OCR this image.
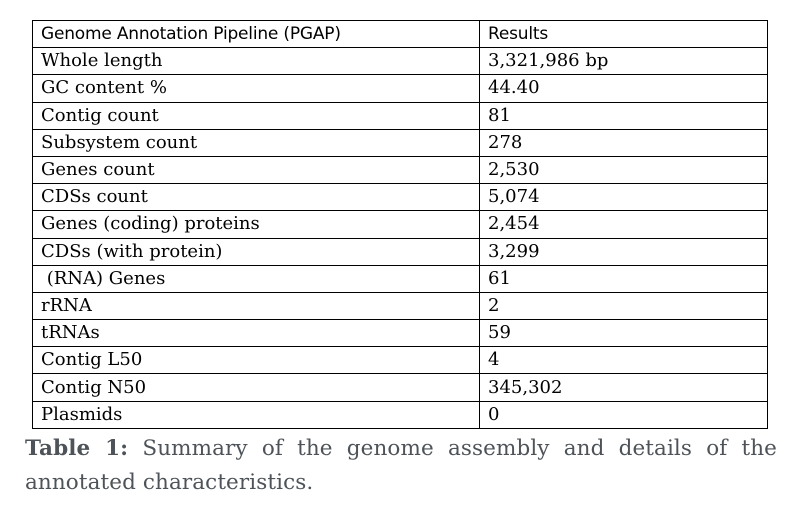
Genome Annotation Pipeline (PGAP)	Results
Whole length	3,321,986 bp
GC content %	44.40
Contig count	81
Subsystem count	278
Genes count	2,530
CDSs count	5,074
Genes (coding) proteins	2,454
CDSs (with protein)	3,299
(RNA) Genes	61
rRNA	2
tRNAs	59
Contig L50	4
Contig N50	345,302
Plasmids	0
Table 1: Summary of the genome assembly and details of the annotated characteristics.
